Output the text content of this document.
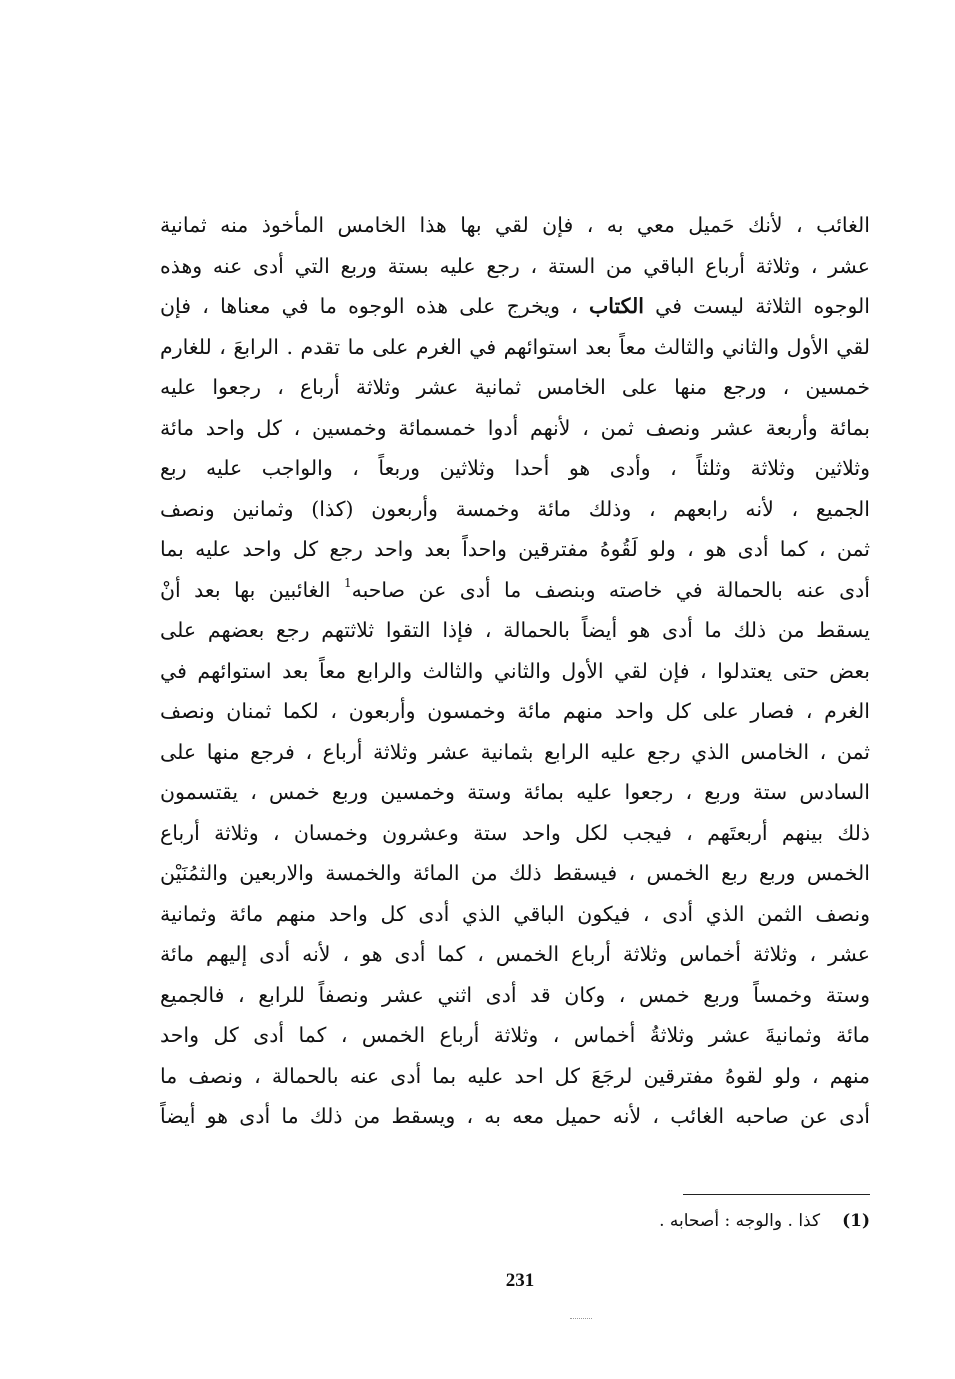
الغائب ، لأنك حَميل معي به ، فإن لقي بها هذا الخامس المأخوذ منه ثمانية
عشر ، وثلاثة أرباع الباقي من الستة ، رجع عليه بستة وربع التي أدى عنه وهذه
الوجوه الثلاثة ليست في الكتاب ، ويخرج على هذه الوجوه ما في معناها ، فإن
لقي الأول والثاني والثالث معاً بعد استوائهم في الغرم على ما تقدم . الرابعَ ، للغارم
خمسين ، ورجع منها على الخامس ثمانية عشر وثلاثة أرباع ، رجعوا عليه
بمائة وأربعة عشر ونصف ثمن ، لأنهم أدوا خمسمائة وخمسين ، كل واحد مائة
وثلاثين وثلاثة وثلثاً ، وأدى هو أحدا وثلاثين وربعاً ، والواجب عليه ربع
الجميع ، لأنه رابعهم ، وذلك مائة وخمسة وأربعون (كذا) وثمانين ونصف
ثمن ، كما أدى هو ، ولو لَقُوهُ مفترقين واحداً بعد واحد رجع كل واحد عليه بما
أدى عنه بالحمالة في خاصته وبنصف ما أدى عن صاحبه$^1$ الغائبين بها بعد أنْ
يسقط من ذلك ما أدى هو أيضاً بالحمالة ، فإذا التقوا ثلاثتهم رجع بعضهم على
بعض حتى يعتدلوا ، فإن لقي الأول والثاني والثالث والرابع معاً بعد استوائهم في
الغرم ، فصار على كل واحد منهم مائة وخمسون وأربعون ، لكما ثمنان ونصف
ثمن ، الخامس الذي رجع عليه الرابع بثمانية عشر وثلاثة أرباع ، فرجع منها على
السادس ستة وربع ، رجعوا عليه بمائة وستة وخمسين وربع خمس ، يقتسمون
ذلك بينهم أربعتَهم ، فيجب لكل واحد ستة وعشرون وخمسان ، وثلاثة أرباع
الخمس وربع ربع الخمس ، فيسقط ذلك من المائة والخمسة والاربعين والثمُنَيْن
ونصف الثمن الذي أدى ، فيكون الباقي الذي أدى كل واحد منهم مائة وثمانية
عشر ، وثلاثة أخماس وثلاثة أرباع الخمس ، كما أدى هو ، لأنه أدى إليهم مائة
وستة وخمساً وربع خمس ، وكان قد أدى اثني عشر ونصفاً للرابع ، فالجميع
مائة وثمانيةَ عشر وثلاثةُ أخماس ، وثلاثة أرباع الخمس ، كما أدى كل واحد
منهم ، ولو لقوهُ مفترقين لرجَعَ كل احد عليه بما أدى عنه بالحمالة ، ونصف ما
أدى عن صاحبه الغائب ، لأنه حميل معه به ، ويسقط من ذلك ما أدى هو أيضاً
(1)كذا . والوجه : أصحابه .
231
